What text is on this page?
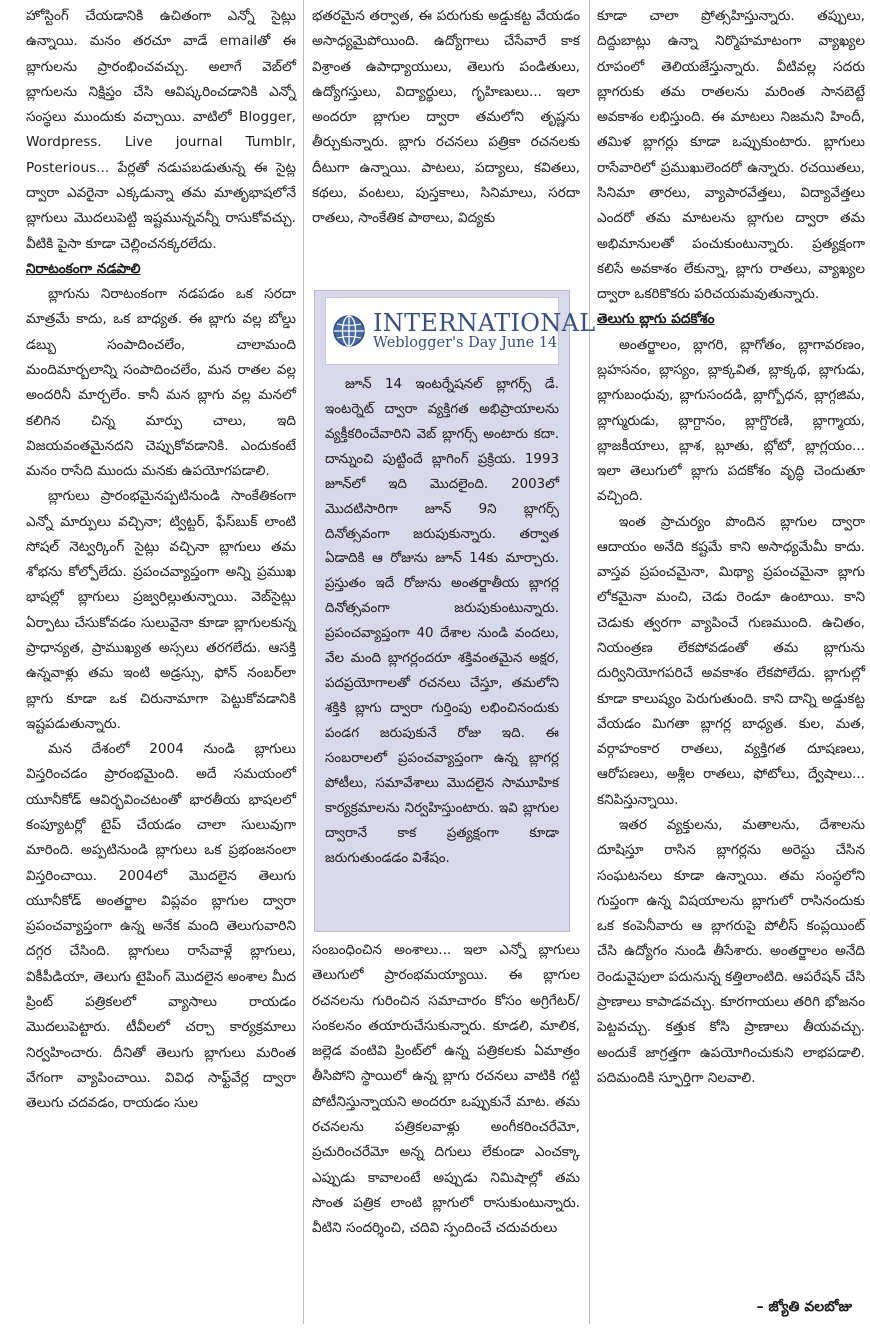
హోస్టింగ్ చేయడానికి ఉచితంగా ఎన్నో సైట్లు ఉన్నాయి. మనం తరచూ వాడే emailతో ఈ బ్లాగులను ప్రారంభించవచ్చు. అలాగే వెబ్‌లో బ్లాగులను నిక్షిప్తం చేసి ఆవిష్కరించడానికి ఎన్నో సంస్థలు ముందుకు వచ్చాయి. వాటిలో Blogger, Wordpress. Live journal Tumblr, Posterious... పేర్లతో నడుపబడుతున్న ఈ సైట్ల ద్వారా ఎవరైనా ఎక్కడున్నా తమ మాతృభాషలోనే బ్లాగులు మొదలుపెట్టి ఇష్టమున్నవన్నీ రాసుకోవచ్చు. వీటికి పైసా కూడా చెల్లించనక్కరలేదు.

నిరాటంకంగా నడపాలి

బ్లాగును నిరాటంకంగా నడపడం ఒక సరదా మాత్రమే కాదు, ఒక బాధ్యత. ఈ బ్లాగు వల్ల బోల్డు డబ్బు సంపాదించలేం, చాలామంది మందిమార్బలాన్ని సంపాదించలేం, మన రాతల వల్ల అందరినీ మార్చలేం. కానీ మన బ్లాగు వల్ల మనలో కలిగిన చిన్న మార్పు చాలు, ఇది విజయవంతమైనదని చెప్పుకోవడానికి. ఎందుకంటే మనం రాసేది ముందు మనకు ఉపయోగపడాలి.

బ్లాగులు ప్రారంభమైనప్పటినుండి సాంకేతికంగా ఎన్నో మార్పులు వచ్చినా; ట్విట్టర్, ఫేస్‌బుక్ లాంటి సోషల్ నెట్వర్కింగ్ సైట్లు వచ్చినా బ్లాగులు తమ శోభను కోల్పోలేదు. ప్రపంచవ్యాప్తంగా అన్ని ప్రముఖ భాషల్లో బ్లాగులు ప్రజ్వరిల్లుతున్నాయి. వెబ్‌సైట్లు ఏర్పాటు చేసుకోవడం సులువైనా కూడా బ్లాగులకున్న ప్రాధాన్యత, ప్రాముఖ్యత అస్సలు తరగలేదు. ఆసక్తి ఉన్నవాళ్లు తమ ఇంటి అడ్రస్సు, ఫోన్ నంబర్‌లా బ్లాగు కూడా ఒక చిరునామాగా పెట్టుకోవడానికి ఇష్టపడుతున్నారు.

మన దేశంలో 2004 నుండి బ్లాగులు విస్తరించడం ప్రారంభమైంది. అదే సమయంలో యూనీకోడ్ ఆవిర్భవించటంతో భారతీయ భాషలలో కంప్యూటర్లో టైప్ చేయడం చాలా సులువుగా మారింది. అప్పటినుండి బ్లాగులు ఒక ప్రభంజనంలా విస్తరించాయి. 2004లో మొదలైన తెలుగు యూనీకోడ్ అంతర్జాల విప్లవం బ్లాగుల ద్వారా ప్రపంచవ్యాప్తంగా ఉన్న అనేక మంది తెలుగువారిని దగ్గర చేసింది. బ్లాగులు రాసేవాళ్లే బ్లాగులు, వికీపీడియా, తెలుగు టైపింగ్ మొదలైన అంశాల మీద ప్రింట్ పత్రికలలో వ్యాసాలు రాయడం మొదలుపెట్టారు. టీవీలలో చర్చా కార్యక్రమాలు నిర్వహించారు. దీనితో తెలుగు బ్లాగులు మరింత వేగంగా వ్యాపించాయి. వివిధ సాఫ్ట్‌వేర్ల ద్వారా తెలుగు చదవడం, రాయడం సుల

భతరమైన తర్వాత, ఈ పరుగుకు అడ్డుకట్ట వేయడం అసాధ్యమైపోయింది. ఉద్యోగాలు చేసేవారే కాక విశ్రాంత ఉపాధ్యాయులు, తెలుగు పండితులు, ఉద్యోగస్తులు, విద్యార్థులు, గృహిణులు... ఇలా అందరూ బ్లాగుల ద్వారా తమలోని తృష్ణను తీర్చుకున్నారు. బ్లాగు రచనలు పత్రికా రచనలకు దీటుగా ఉన్నాయి. పాటలు, పద్యాలు, కవితలు, కథలు, వంటలు, పుస్తకాలు, సినిమాలు, సరదా రాతలు, సాంకేతిక పాఠాలు, విద్యకు

INTERNATIONAL
Weblogger's Day June 14

జూన్ 14 ఇంటర్నేషనల్ బ్లాగర్స్ డే. ఇంటర్నెట్ ద్వారా వ్యక్తిగత అభిప్రాయాలను వ్యక్తీకరించేవారిని వెబ్ బ్లాగర్స్ అంటారు కదా. దాన్నుంచి పుట్టిందే బ్లాగింగ్ ప్రక్రియ. 1993 జూన్‌లో ఇది మొదలైంది. 2003లో మొదటిసారిగా జూన్ 9ని బ్లాగర్స్ దినోత్సవంగా జరుపుకున్నారు. తర్వాత ఏడాదికి ఆ రోజును జూన్ 14కు మార్చారు. ప్రస్తుతం ఇదే రోజును అంతర్జాతీయ బ్లాగర్ల దినోత్సవంగా జరుపుకుంటున్నారు. ప్రపంచవ్యాప్తంగా 40 దేశాల నుండి వందలు, వేల మంది బ్లాగర్లందరూ శక్తివంతమైన అక్షర, పదప్రయోగాలతో రచనలు చేస్తూ, తమలోని శక్తికి బ్లాగు ద్వారా గుర్తింపు లభించినందుకు పండగ జరుపుకునే రోజు ఇది. ఈ సంబరాలలో ప్రపంచవ్యాప్తంగా ఉన్న బ్లాగర్ల పోటీలు, సమావేశాలు మొదలైన సామూహిక కార్యక్రమాలను నిర్వహిస్తుంటారు. ఇవి బ్లాగుల ద్వారానే కాక ప్రత్యక్షంగా కూడా జరుగుతుండడం విశేషం.

సంబంధించిన అంశాలు... ఇలా ఎన్నో బ్లాగులు తెలుగులో ప్రారంభమయ్యాయి. ఈ బ్లాగుల రచనలను గురించిన సమాచారం కోసం అగ్రిగేటర్/ సంకలనం తయారుచేసుకున్నారు. కూడలి, మాలిక, జల్లెడ వంటివి ప్రింట్‌లో ఉన్న పత్రికలకు ఏమాత్రం తీసిపోని స్థాయిలో ఉన్న బ్లాగు రచనలు వాటికి గట్టి పోటీనిస్తున్నాయని అందరూ ఒప్పుకునే మాట. తమ రచనలను పత్రికలవాళ్లు అంగీకరించరేమో, ప్రచురించరేమో అన్న దిగులు లేకుండా ఎంచక్కా ఎప్పుడు కావాలంటే అప్పుడు నిమిషాల్లో తమ సొంత పత్రిక లాంటి బ్లాగులో రాసుకుంటున్నారు. వీటిని సందర్శించి, చదివి స్పందించే చదువరులు

కూడా చాలా ప్రోత్సహిస్తున్నారు. తప్పులు, దిద్దుబాట్లు ఉన్నా నిర్మొహమాటంగా వ్యాఖ్యల రూపంలో తెలియజేస్తున్నారు. వీటివల్ల సదరు బ్లాగరుకు తమ రాతలను మరింత సానబెట్టే అవకాశం లభిస్తుంది. ఈ మాటలు నిజమని హిందీ, తమిళ బ్లాగర్లు కూడా ఒప్పుకుంటారు. బ్లాగులు రాసేవారిలో ప్రముఖులెందరో ఉన్నారు. రచయితలు, సినిమా తారలు, వ్యాపారవేత్తలు, విద్యావేత్తలు ఎందరో తమ మాటలను బ్లాగుల ద్వారా తమ అభిమానులతో పంచుకుంటున్నారు. ప్రత్యక్షంగా కలిసే అవకాశం లేకున్నా, బ్లాగు రాతలు, వ్యాఖ్యల ద్వారా ఒకరికొకరు పరిచయమవుతున్నారు.

తెలుగు బ్లాగు పదకోశం

అంతర్జాలం, బ్లాగరి, బ్లాగోతం, బ్లాగావరణం, బ్లహసనం, బ్లాస్యం, బ్లాక్కవిత, బ్లాక్కథ, బ్లాగుడు, బ్లాగుబంధువు, బ్లాగుసందడి, బ్లాగ్బోధన, బ్లాగ్గజిమ, బ్లాగ్మురుడు, బ్లాగ్దానం, బ్లాగ్దొరణి, బ్లాగ్మాయ, బ్లాజకీయాలు, బ్లాశ, బ్లూతు, బ్లోటో, బ్లాగ్లయం... ఇలా తెలుగులో బ్లాగు పదకోశం వృద్ధి చెందుతూ వచ్చింది.

ఇంత ప్రాచుర్యం పొందిన బ్లాగుల ద్వారా ఆదాయం అనేది కష్టమే కాని అసాధ్యమేమీ కాదు. వాస్తవ ప్రపంచమైనా, మిథ్యా ప్రపంచమైనా బ్లాగు లోకమైనా మంచి, చెడు రెండూ ఉంటాయి. కాని చెడుకు త్వరగా వ్యాపించే గుణముంది. ఉచితం, నియంత్రణ లేకపోవడంతో తమ బ్లాగును దుర్వినియోగపరిచే అవకాశం లేకపోలేదు. బ్లాగుల్లో కూడా కాలుష్యం పెరుగుతుంది. కాని దాన్ని అడ్డుకట్ట వేయడం మిగతా బ్లాగర్ల బాధ్యత. కుల, మత, వర్గాహంకార రాతలు, వ్యక్తిగత దూషణలు, ఆరోపణలు, అశ్లీల రాతలు, ఫోటోలు, ద్వేషాలు... కనిపిస్తున్నాయి.

ఇతర వ్యక్తులను, మతాలను, దేశాలను దూషిస్తూ రాసిన బ్లాగర్లను అరెస్టు చేసిన సంఘటనలు కూడా ఉన్నాయి. తమ సంస్థలోని గుప్తంగా ఉన్న విషయాలను బ్లాగులో రాసినందుకు ఒక కంపెనీవారు ఆ బ్లాగరుపై పోలీస్ కంప్లయింట్ చేసి ఉద్యోగం నుండి తీసేశారు. అంతర్జాలం అనేది రెండువైపులా పదునున్న కత్తిలాంటిది. ఆపరేషన్ చేసి ప్రాణాలు కాపాడవచ్చు. కూరగాయలు తరిగి భోజనం పెట్టవచ్చు. కత్తుక కోసి ప్రాణాలు తీయవచ్చు. అందుకే జాగ్రత్తగా ఉపయోగించుకుని లాభపడాలి. పదిమందికి స్ఫూర్తిగా నిలవాలి.

– జ్యోతి వలబోజు
